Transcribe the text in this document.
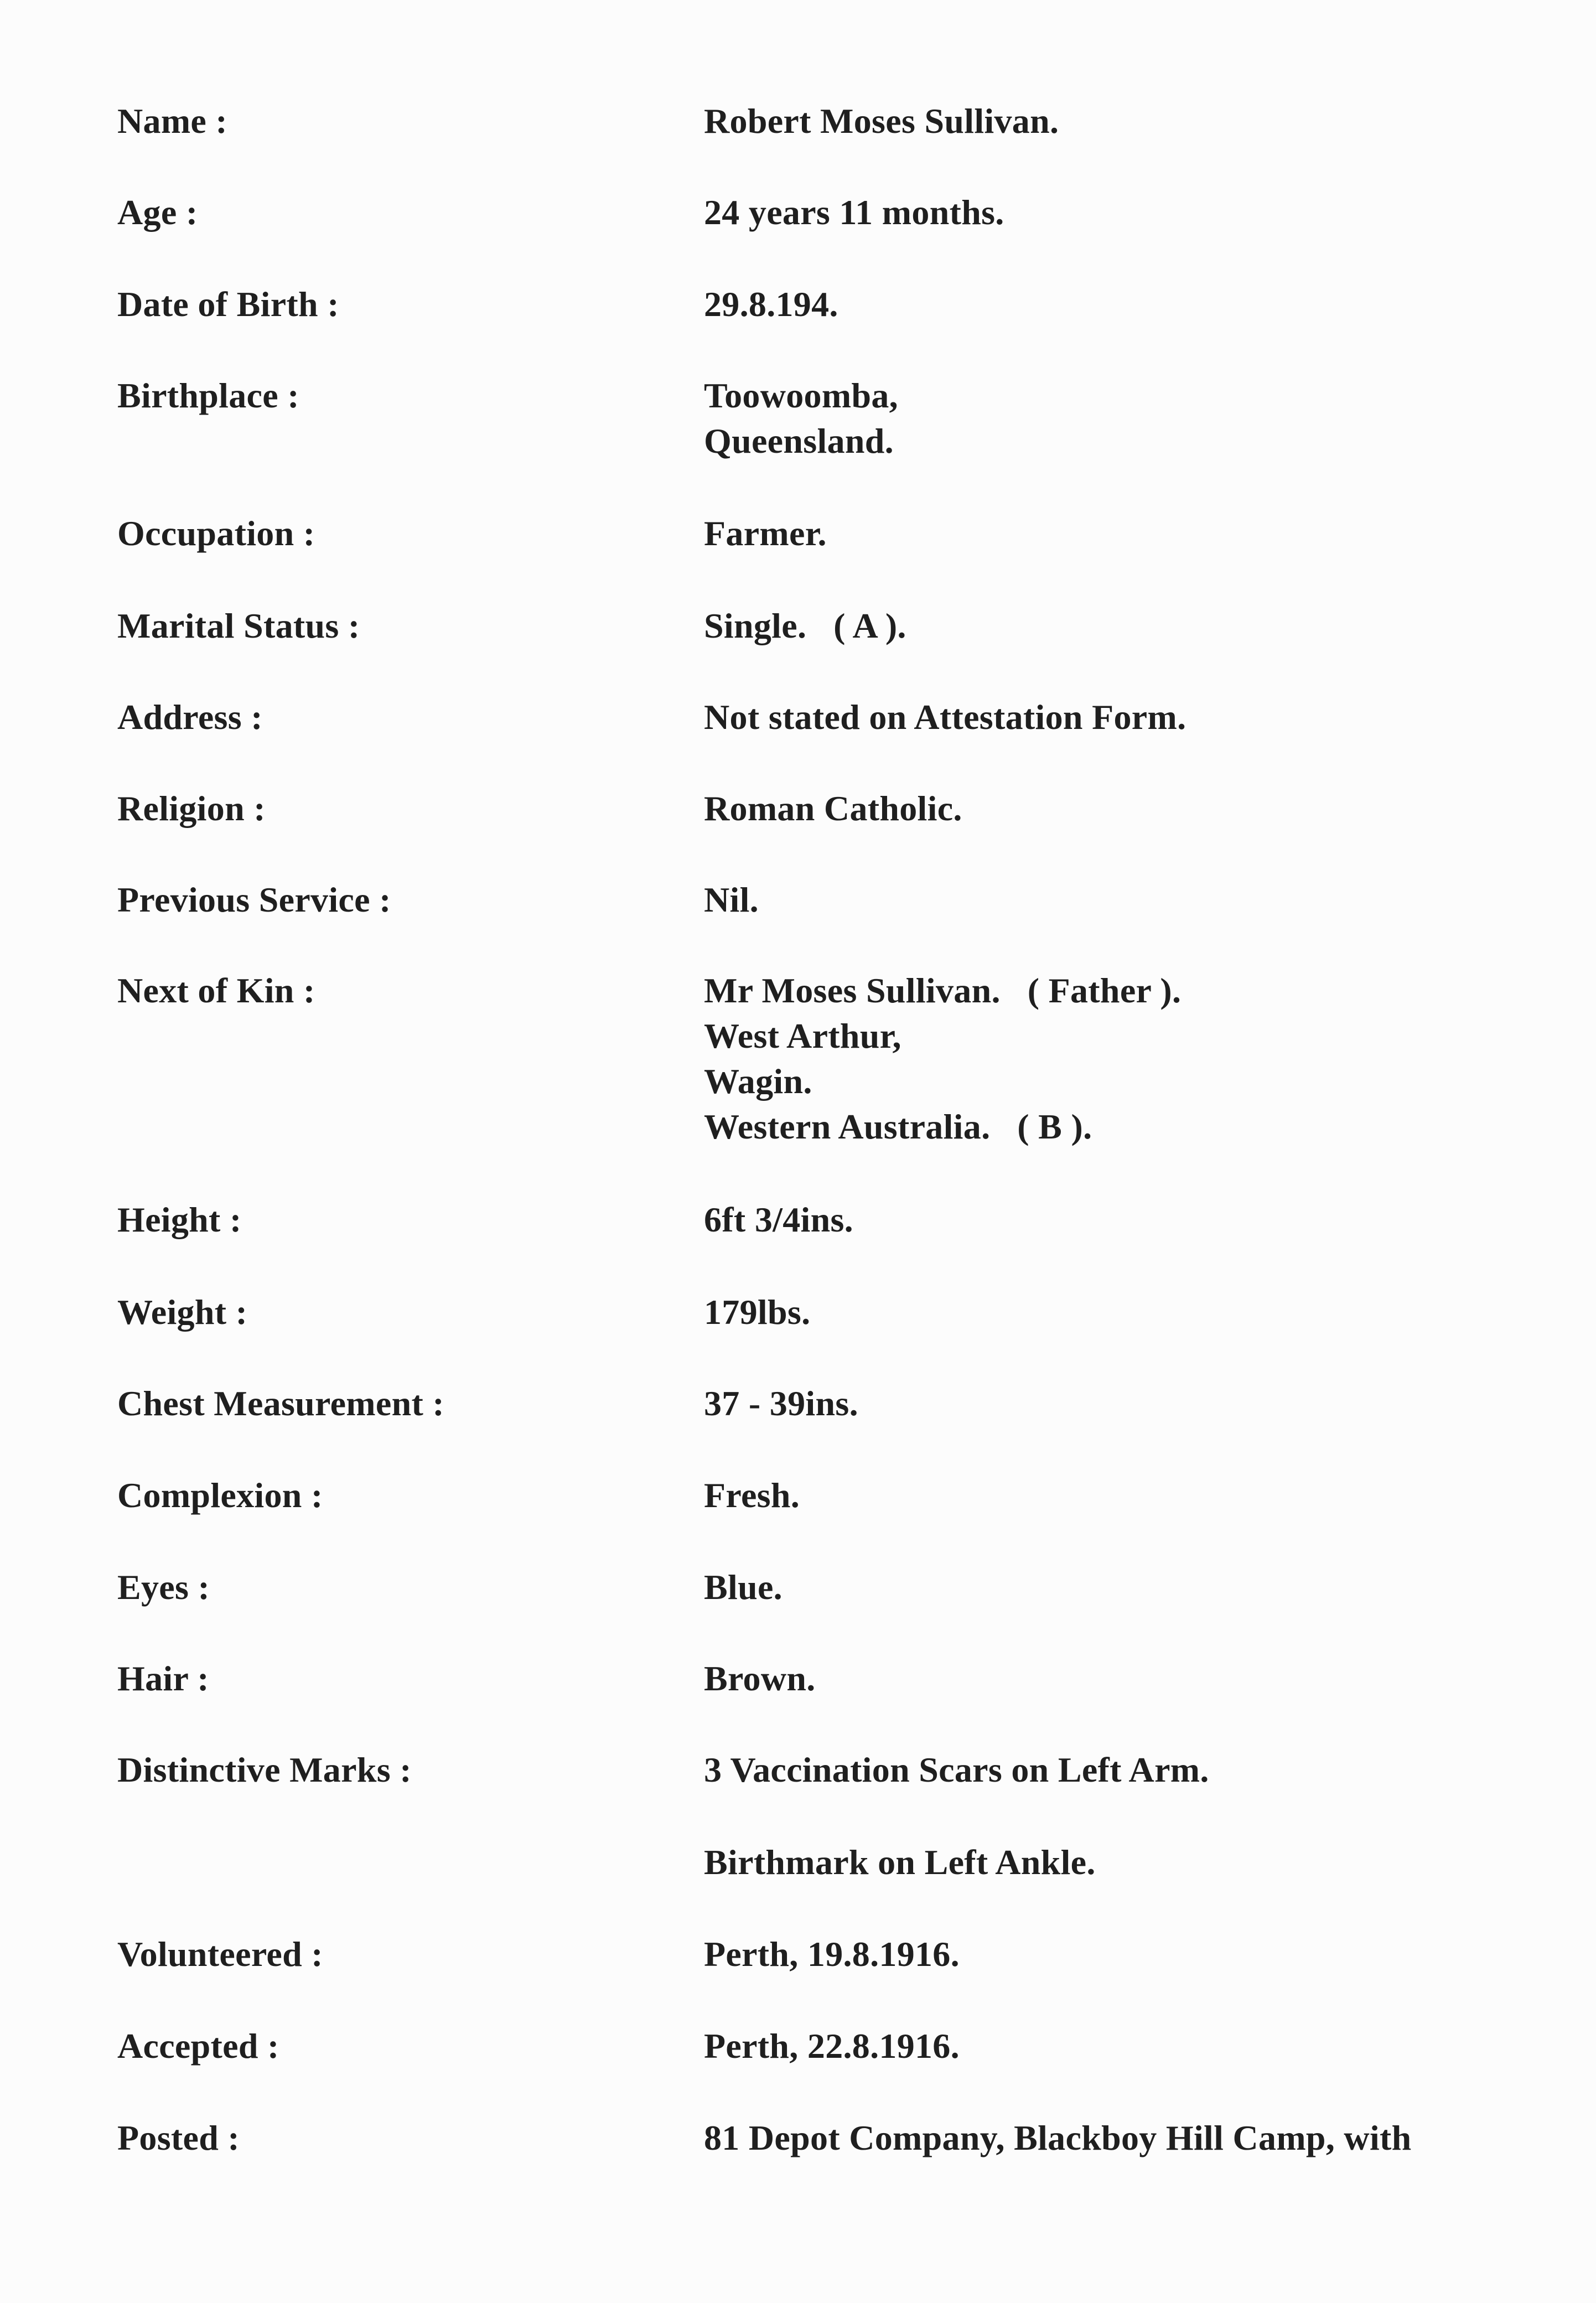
Name :	Robert Moses Sullivan.
Age :	24 years 11 months.
Date of Birth :	29.8.194.
Birthplace :	Toowoomba,
Queensland.
Occupation :	Farmer.
Marital Status :	Single.   ( A ).
Address :	Not stated on Attestation Form.
Religion :	Roman Catholic.
Previous Service :	Nil.
Next of Kin :	Mr Moses Sullivan.   ( Father ).
West Arthur,
Wagin.
Western Australia.   ( B ).
Height :	6ft 3/4ins.
Weight :	179lbs.
Chest Measurement :	37 - 39ins.
Complexion :	Fresh.
Eyes :	Blue.
Hair :	Brown.
Distinctive Marks :	3 Vaccination Scars on Left Arm.
Birthmark on Left Ankle.
Volunteered :	Perth, 19.8.1916.
Accepted :	Perth, 22.8.1916.
Posted :	81 Depot Company, Blackboy Hill Camp, with
